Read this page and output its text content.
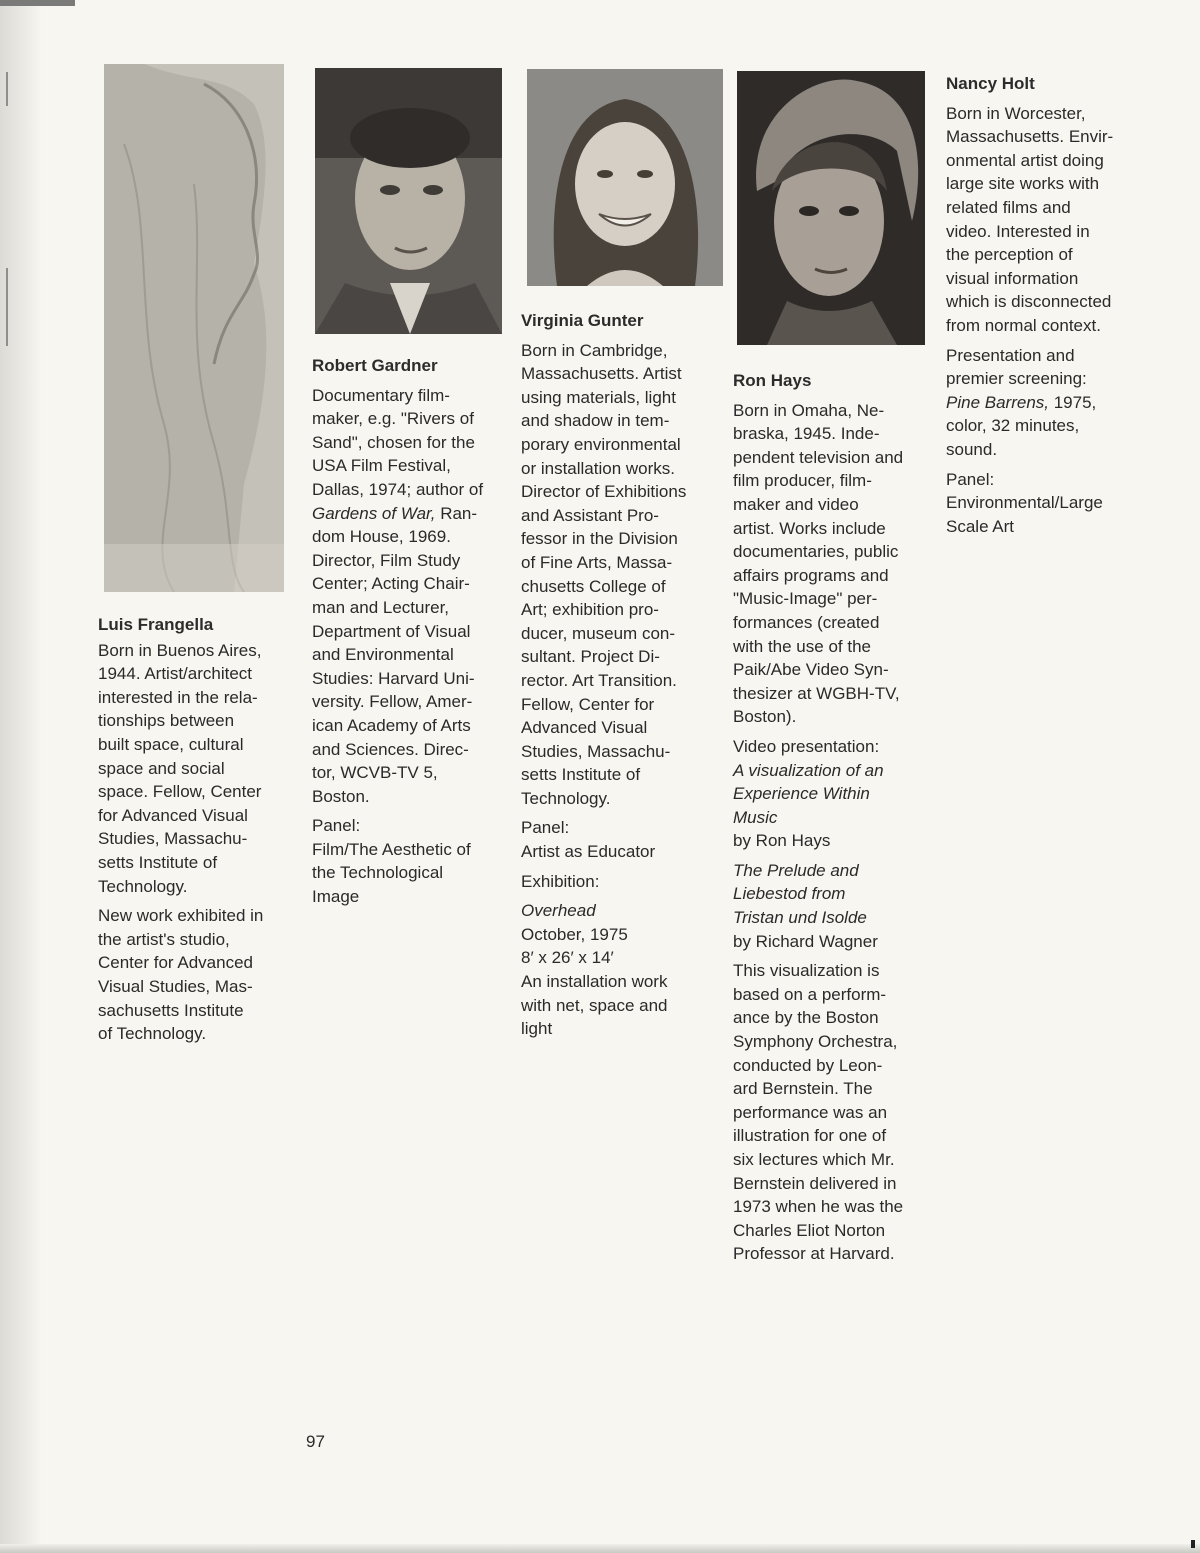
Luis Frangella

Born in Buenos Aires,
1944. Artist/architect
interested in the rela-
tionships between
built space, cultural
space and social
space. Fellow, Center
for Advanced Visual
Studies, Massachu-
setts Institute of
Technology.

New work exhibited in
the artist's studio,
Center for Advanced
Visual Studies, Mas-
sachusetts Institute
of Technology.

Robert Gardner

Documentary film-
maker, e.g. "Rivers of
Sand", chosen for the
USA Film Festival,
Dallas, 1974; author of
Gardens of War, Ran-
dom House, 1969.
Director, Film Study
Center; Acting Chair-
man and Lecturer,
Department of Visual
and Environmental
Studies: Harvard Uni-
versity. Fellow, Amer-
ican Academy of Arts
and Sciences. Direc-
tor, WCVB-TV 5,
Boston.

Panel:

Film/The Aesthetic of
the Technological
Image

Virginia Gunter

Born in Cambridge,
Massachusetts. Artist
using materials, light
and shadow in tem-
porary environmental
or installation works.
Director of Exhibitions
and Assistant Pro-
fessor in the Division
of Fine Arts, Massa-
chusetts College of
Art; exhibition pro-
ducer, museum con-
sultant. Project Di-
rector. Art Transition.
Fellow, Center for
Advanced Visual
Studies, Massachu-
setts Institute of
Technology.

Panel:

Artist as Educator

Exhibition:

Overhead

October, 1975
8′ x 26′ x 14′
An installation work
with net, space and
light

Ron Hays

Born in Omaha, Ne-
braska, 1945. Inde-
pendent television and
film producer, film-
maker and video
artist. Works include
documentaries, public
affairs programs and
"Music-Image" per-
formances (created
with the use of the
Paik/Abe Video Syn-
thesizer at WGBH-TV,
Boston).

Video presentation:

A visualization of an
Experience Within
Music

by Ron Hays

The Prelude and
Liebestod from
Tristan und Isolde

by Richard Wagner

This visualization is
based on a perform-
ance by the Boston
Symphony Orchestra,
conducted by Leon-
ard Bernstein. The
performance was an
illustration for one of
six lectures which Mr.
Bernstein delivered in
1973 when he was the
Charles Eliot Norton
Professor at Harvard.

Nancy Holt

Born in Worcester,
Massachusetts. Envir-
onmental artist doing
large site works with
related films and
video. Interested in
the perception of
visual information
which is disconnected
from normal context.

Presentation and
premier screening:
Pine Barrens, 1975,
color, 32 minutes,
sound.

Panel:

Environmental/Large
Scale Art

97
